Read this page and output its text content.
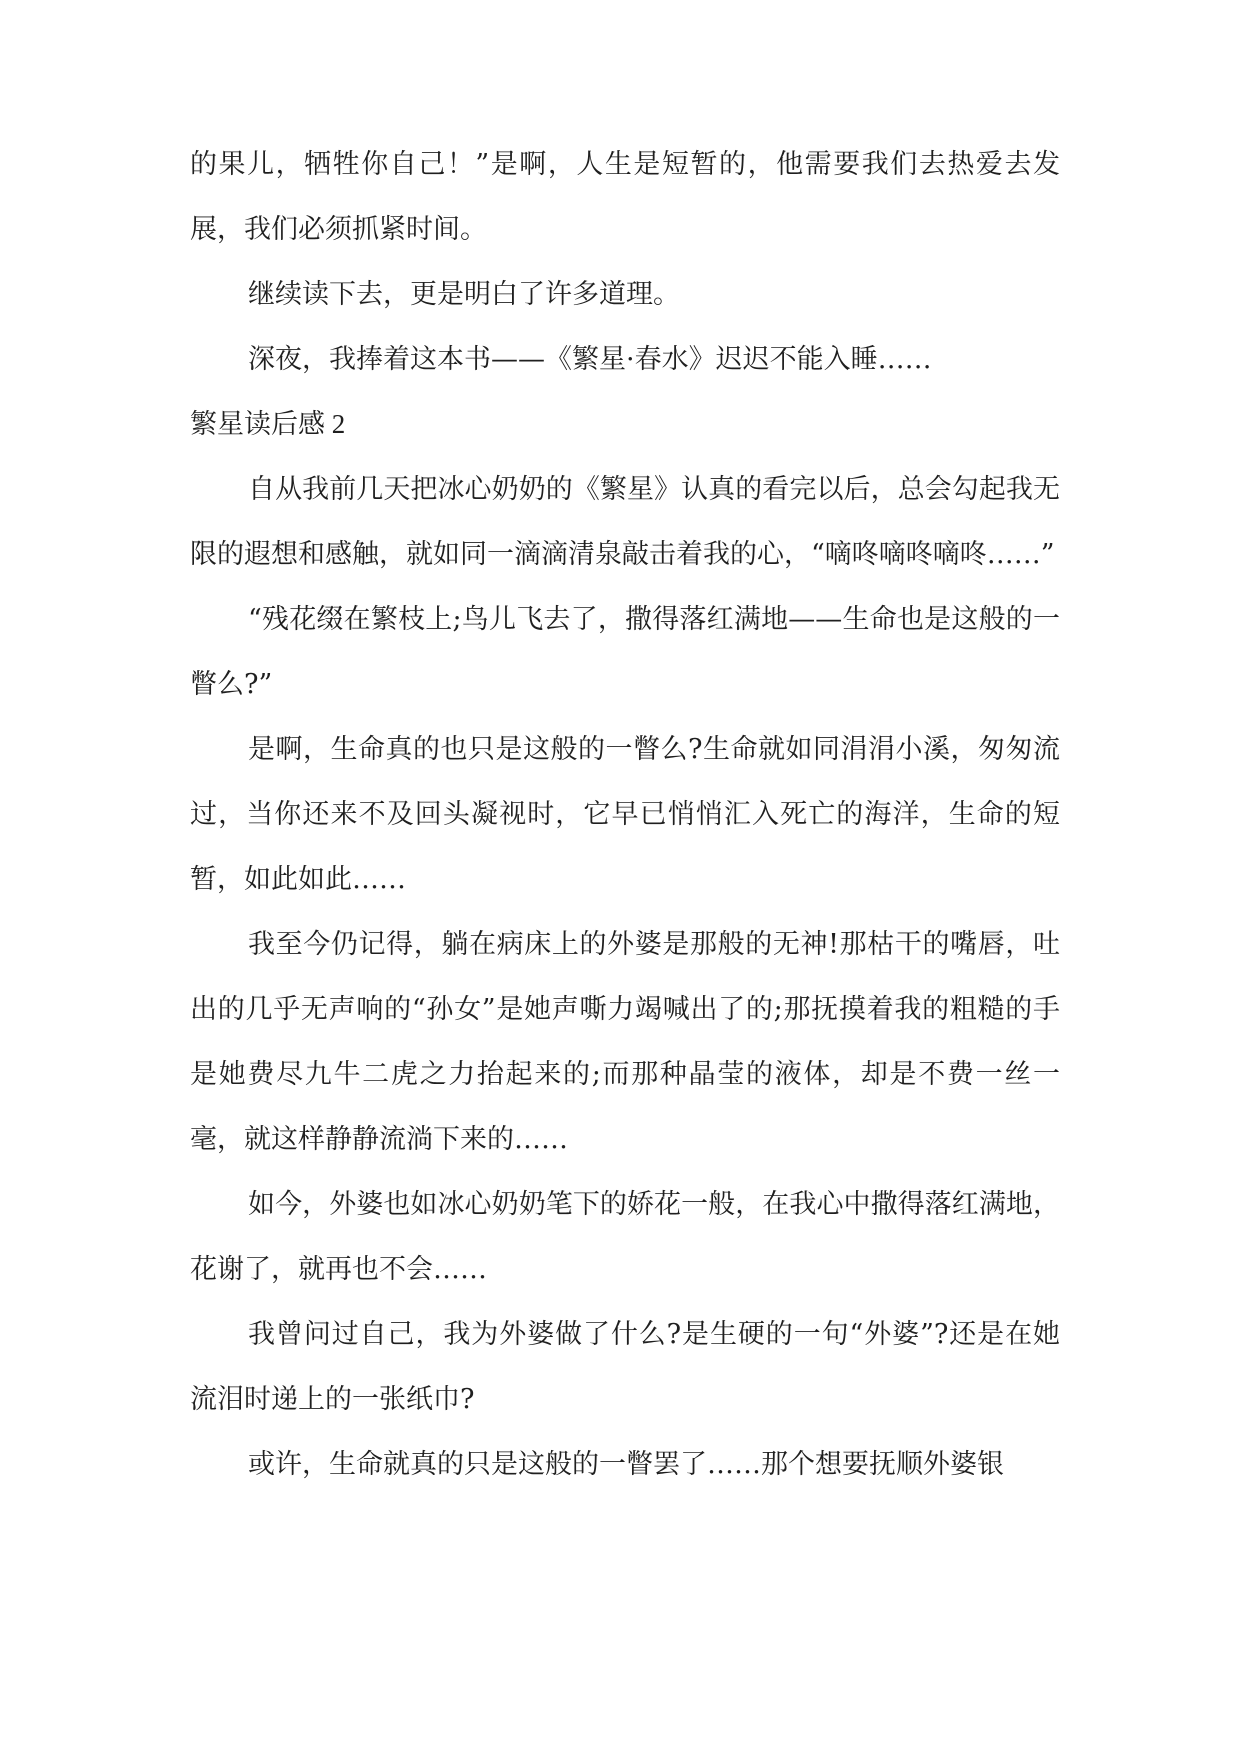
的果儿，牺牲你自己！”是啊，人生是短暂的，他需要我们去热爱去发展，我们必须抓紧时间。

继续读下去，更是明白了许多道理。

深夜，我捧着这本书——《繁星·春水》迟迟不能入睡……

繁星读后感 2

自从我前几天把冰心奶奶的《繁星》认真的看完以后，总会勾起我无限的遐想和感触，就如同一滴滴清泉敲击着我的心，“嘀咚嘀咚嘀咚……”

“残花缀在繁枝上;鸟儿飞去了，撒得落红满地——生命也是这般的一瞥么?”

是啊，生命真的也只是这般的一瞥么?生命就如同涓涓小溪，匆匆流过，当你还来不及回头凝视时，它早已悄悄汇入死亡的海洋，生命的短暂，如此如此……

我至今仍记得，躺在病床上的外婆是那般的无神!那枯干的嘴唇，吐出的几乎无声响的“孙女”是她声嘶力竭喊出了的;那抚摸着我的粗糙的手是她费尽九牛二虎之力抬起来的;而那种晶莹的液体，却是不费一丝一毫，就这样静静流淌下来的……

如今，外婆也如冰心奶奶笔下的娇花一般，在我心中撒得落红满地，花谢了，就再也不会……

我曾问过自己，我为外婆做了什么?是生硬的一句“外婆”?还是在她流泪时递上的一张纸巾?

或许，生命就真的只是这般的一瞥罢了……那个想要抚顺外婆银
